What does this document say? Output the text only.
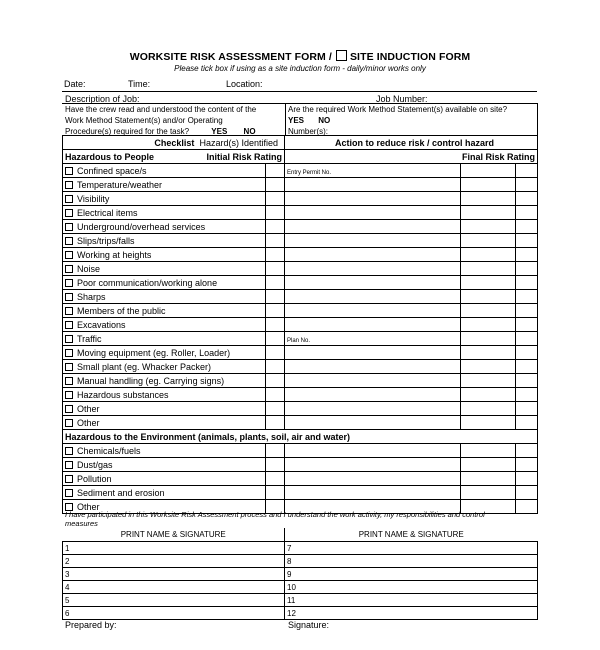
WORKSITE RISK ASSESSMENT FORM / SITE INDUCTION FORM
Please tick box if using as a site induction form - daily/minor works only
Date:	Time:	Location:
Description of Job:	Job Number:
Have the crew read and understood the content of the
Work Method Statement(s) and/or Operating
Procedure(s) required for the task?	YES NO
Are the required Work Method Statement(s) available on site?
YES NO
Number(s):
Checklist Hazard(s) Identified		Action to reduce risk / control hazard		
Hazardous to People Initial Risk Rating		Final Risk Rating		
Confined space/s		Entry Permit No.		
Temperature/weather				
Visibility				
Electrical items				
Underground/overhead services				
Slips/trips/falls				
Working at heights				
Noise				
Poor communication/working alone				
Sharps				
Members of the public				
Excavations				
Traffic		Plan No.		
Moving equipment (eg. Roller, Loader)				
Small plant (eg. Whacker Packer)				
Manual handling (eg. Carrying signs)				
Hazardous substances				
Other				
Other				
Hazardous to the Environment (animals, plants, soil, air and water)				
Chemicals/fuels				
Dust/gas				
Pollution				
Sediment and erosion				
Other				
I have participated in this Worksite Risk Assessment process and I understand the work activity, my responsibilities and control
measures
PRINT NAME & SIGNATURE	PRINT NAME & SIGNATURE
1	7
2	8
3	9
4	10
5	11
6	12
Prepared by:	Signature:
